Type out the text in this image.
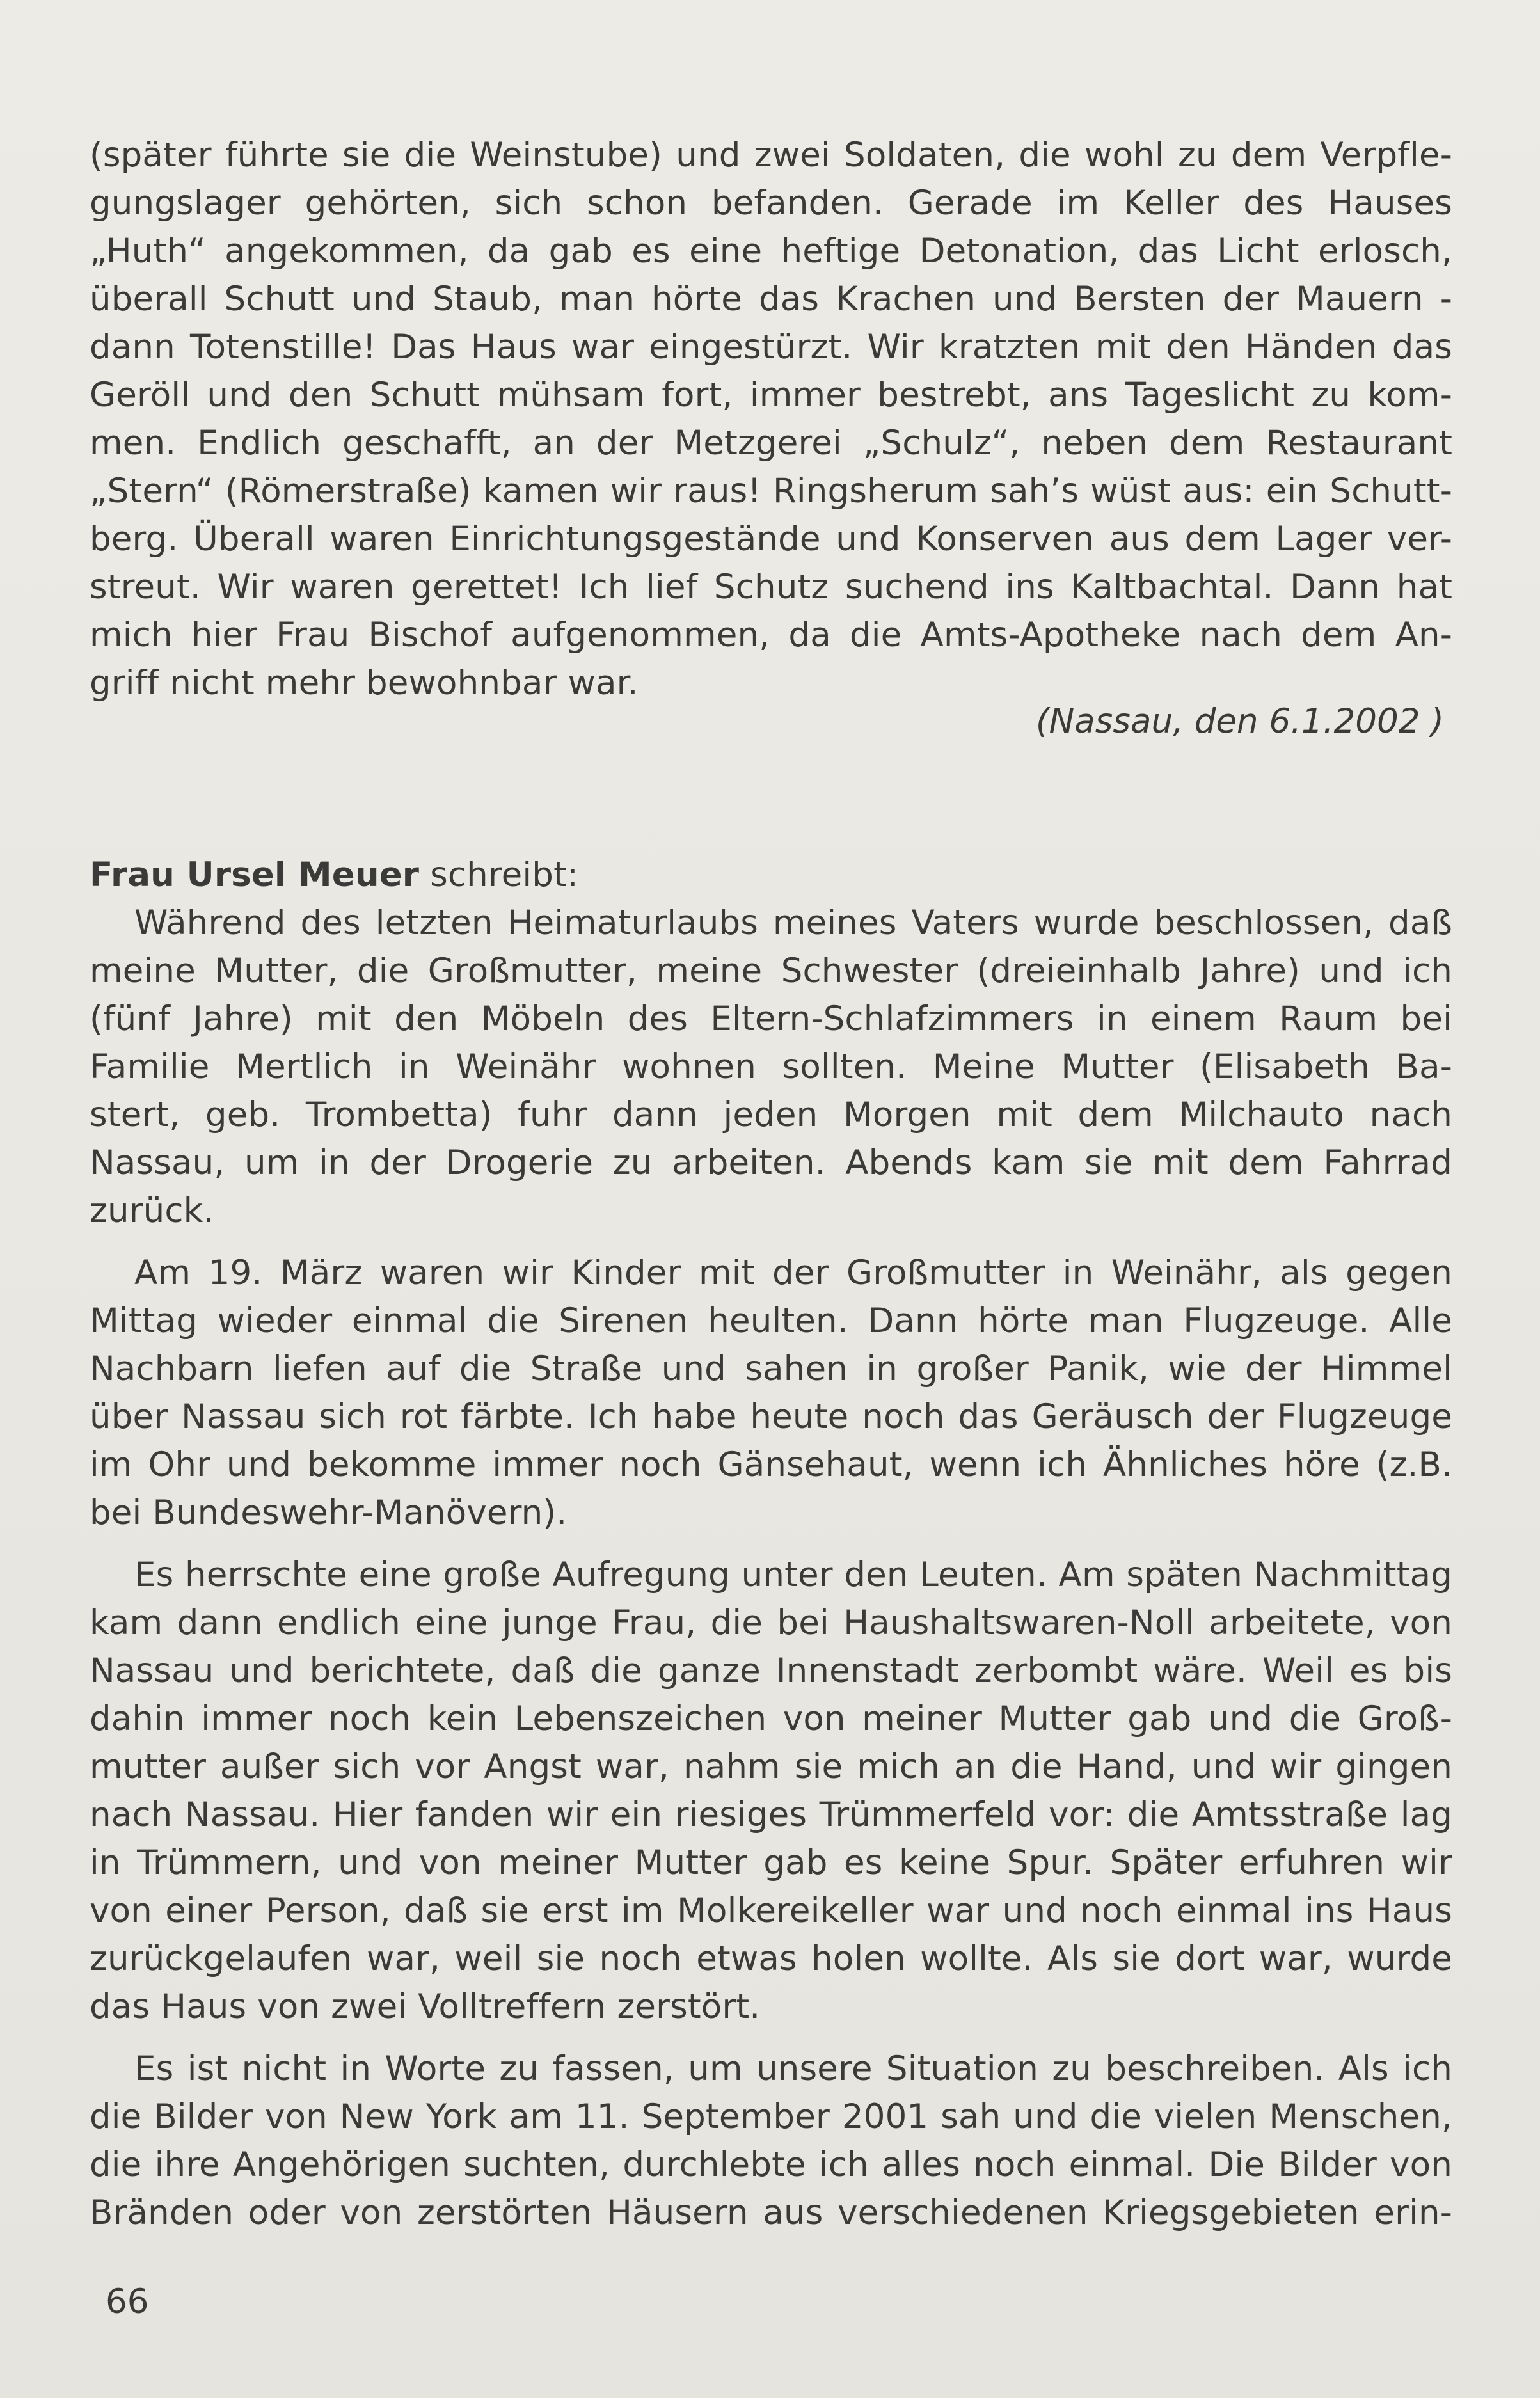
(später führte sie die Weinstube) und zwei Soldaten, die wohl zu dem Verpfle-
gungslager gehörten, sich schon befanden. Gerade im Keller des Hauses
„Huth“ angekommen, da gab es eine heftige Detonation, das Licht erlosch,
überall Schutt und Staub, man hörte das Krachen und Bersten der Mauern -
dann Totenstille! Das Haus war eingestürzt. Wir kratzten mit den Händen das
Geröll und den Schutt mühsam fort, immer bestrebt, ans Tageslicht zu kom-
men. Endlich geschafft, an der Metzgerei „Schulz“, neben dem Restaurant
„Stern“ (Römerstraße) kamen wir raus! Ringsherum sah’s wüst aus: ein Schutt-
berg. Überall waren Einrichtungsgestände und Konserven aus dem Lager ver-
streut. Wir waren gerettet! Ich lief Schutz suchend ins Kaltbachtal. Dann hat
mich hier Frau Bischof aufgenommen, da die Amts-Apotheke nach dem An-
griff nicht mehr bewohnbar war.
(Nassau, den 6.1.2002 )
Frau Ursel Meuer schreibt:
Während des letzten Heimaturlaubs meines Vaters wurde beschlossen, daß
meine Mutter, die Großmutter, meine Schwester (dreieinhalb Jahre) und ich
(fünf Jahre) mit den Möbeln des Eltern-Schlafzimmers in einem Raum bei
Familie Mertlich in Weinähr wohnen sollten. Meine Mutter (Elisabeth Ba-
stert, geb. Trombetta) fuhr dann jeden Morgen mit dem Milchauto nach
Nassau, um in der Drogerie zu arbeiten. Abends kam sie mit dem Fahrrad
zurück.
Am 19. März waren wir Kinder mit der Großmutter in Weinähr, als gegen
Mittag wieder einmal die Sirenen heulten. Dann hörte man Flugzeuge. Alle
Nachbarn liefen auf die Straße und sahen in großer Panik, wie der Himmel
über Nassau sich rot färbte. Ich habe heute noch das Geräusch der Flugzeuge
im Ohr und bekomme immer noch Gänsehaut, wenn ich Ähnliches höre (z.B.
bei Bundeswehr-Manövern).
Es herrschte eine große Aufregung unter den Leuten. Am späten Nachmittag
kam dann endlich eine junge Frau, die bei Haushaltswaren-Noll arbeitete, von
Nassau und berichtete, daß die ganze Innenstadt zerbombt wäre. Weil es bis
dahin immer noch kein Lebenszeichen von meiner Mutter gab und die Groß-
mutter außer sich vor Angst war, nahm sie mich an die Hand, und wir gingen
nach Nassau. Hier fanden wir ein riesiges Trümmerfeld vor: die Amtsstraße lag
in Trümmern, und von meiner Mutter gab es keine Spur. Später erfuhren wir
von einer Person, daß sie erst im Molkereikeller war und noch einmal ins Haus
zurückgelaufen war, weil sie noch etwas holen wollte. Als sie dort war, wurde
das Haus von zwei Volltreffern zerstört.
Es ist nicht in Worte zu fassen, um unsere Situation zu beschreiben. Als ich
die Bilder von New York am 11. September 2001 sah und die vielen Menschen,
die ihre Angehörigen suchten, durchlebte ich alles noch einmal. Die Bilder von
Bränden oder von zerstörten Häusern aus verschiedenen Kriegsgebieten erin-
66
